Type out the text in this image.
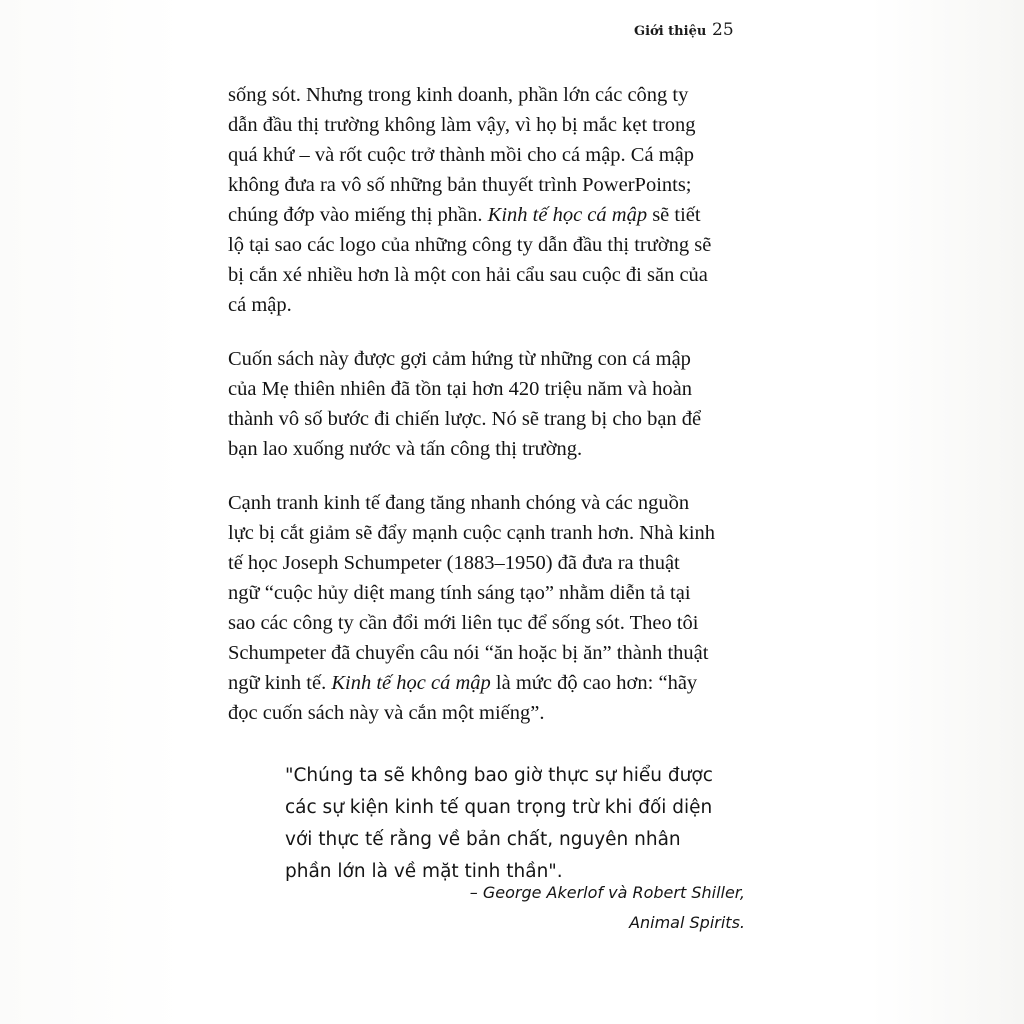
Giới thiệu 25
sống sót. Nhưng trong kinh doanh, phần lớn các công ty
dẫn đầu thị trường không làm vậy, vì họ bị mắc kẹt trong
quá khứ – và rốt cuộc trở thành mồi cho cá mập. Cá mập
không đưa ra vô số những bản thuyết trình PowerPoints;
chúng đớp vào miếng thị phần. Kinh tế học cá mập sẽ tiết
lộ tại sao các logo của những công ty dẫn đầu thị trường sẽ
bị cắn xé nhiều hơn là một con hải cẩu sau cuộc đi săn của
cá mập.
Cuốn sách này được gợi cảm hứng từ những con cá mập
của Mẹ thiên nhiên đã tồn tại hơn 420 triệu năm và hoàn
thành vô số bước đi chiến lược. Nó sẽ trang bị cho bạn để
bạn lao xuống nước và tấn công thị trường.
Cạnh tranh kinh tế đang tăng nhanh chóng và các nguồn
lực bị cắt giảm sẽ đẩy mạnh cuộc cạnh tranh hơn. Nhà kinh
tế học Joseph Schumpeter (1883–1950) đã đưa ra thuật
ngữ “cuộc hủy diệt mang tính sáng tạo” nhằm diễn tả tại
sao các công ty cần đổi mới liên tục để sống sót. Theo tôi
Schumpeter đã chuyển câu nói “ăn hoặc bị ăn” thành thuật
ngữ kinh tế. Kinh tế học cá mập là mức độ cao hơn: “hãy
đọc cuốn sách này và cắn một miếng”.
"Chúng ta sẽ không bao giờ thực sự hiểu được
các sự kiện kinh tế quan trọng trừ khi đối diện
với thực tế rằng về bản chất, nguyên nhân
phần lớn là về mặt tinh thần".
– George Akerlof và Robert Shiller,
Animal Spirits.
